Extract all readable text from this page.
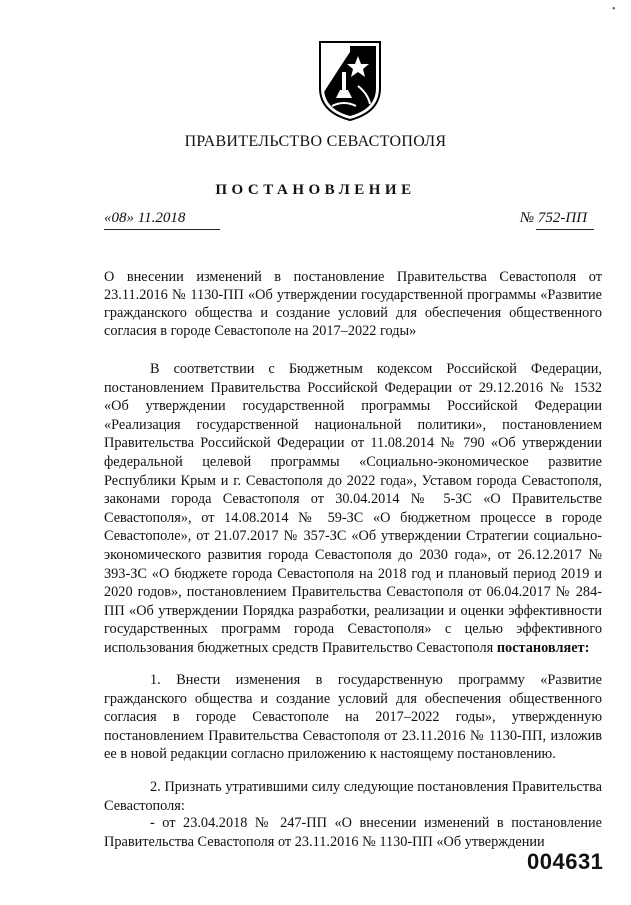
•
ПРАВИТЕЛЬСТВО СЕВАСТОПОЛЯ
ПОСТАНОВЛЕНИЕ
«08» 11.2018	№ 752-ПП
О внесении изменений в постановление Правительства Севастополя от 23.11.2016 № 1130-ПП «Об утверждении государственной программы «Развитие гражданского общества и создание условий для обеспечения общественного согласия в городе Севастополе на 2017–2022 годы»
В соответствии с Бюджетным кодексом Российской Федерации, постановлением Правительства Российской Федерации от 29.12.2016 № 1532 «Об утверждении государственной программы Российской Федерации «Реализация государственной национальной политики», постановлением Правительства Российской Федерации от 11.08.2014 № 790 «Об утверждении федеральной целевой программы «Социально-экономическое развитие Республики Крым и г. Севастополя до 2022 года», Уставом города Севастополя, законами города Севастополя от 30.04.2014 № 5-ЗС «О Правительстве Севастополя», от 14.08.2014 № 59-ЗС «О бюджетном процессе в городе Севастополе», от 21.07.2017 № 357-ЗС «Об утверждении Стратегии социально-экономического развития города Севастополя до 2030 года», от 26.12.2017 № 393-ЗС «О бюджете города Севастополя на 2018 год и плановый период 2019 и 2020 годов», постановлением Правительства Севастополя от 06.04.2017 № 284-ПП «Об утверждении Порядка разработки, реализации и оценки эффективности государственных программ города Севастополя» с целью эффективного использования бюджетных средств Правительство Севастополя постановляет:
1. Внести изменения в государственную программу «Развитие гражданского общества и создание условий для обеспечения общественного согласия в городе Севастополе на 2017–2022 годы», утвержденную постановлением Правительства Севастополя от 23.11.2016 № 1130-ПП, изложив ее в новой редакции согласно приложению к настоящему постановлению.
2. Признать утратившими силу следующие постановления Правительства Севастополя:
- от 23.04.2018 № 247-ПП «О внесении изменений в постановление Правительства Севастополя от 23.11.2016 № 1130-ПП «Об утверждении
004631
